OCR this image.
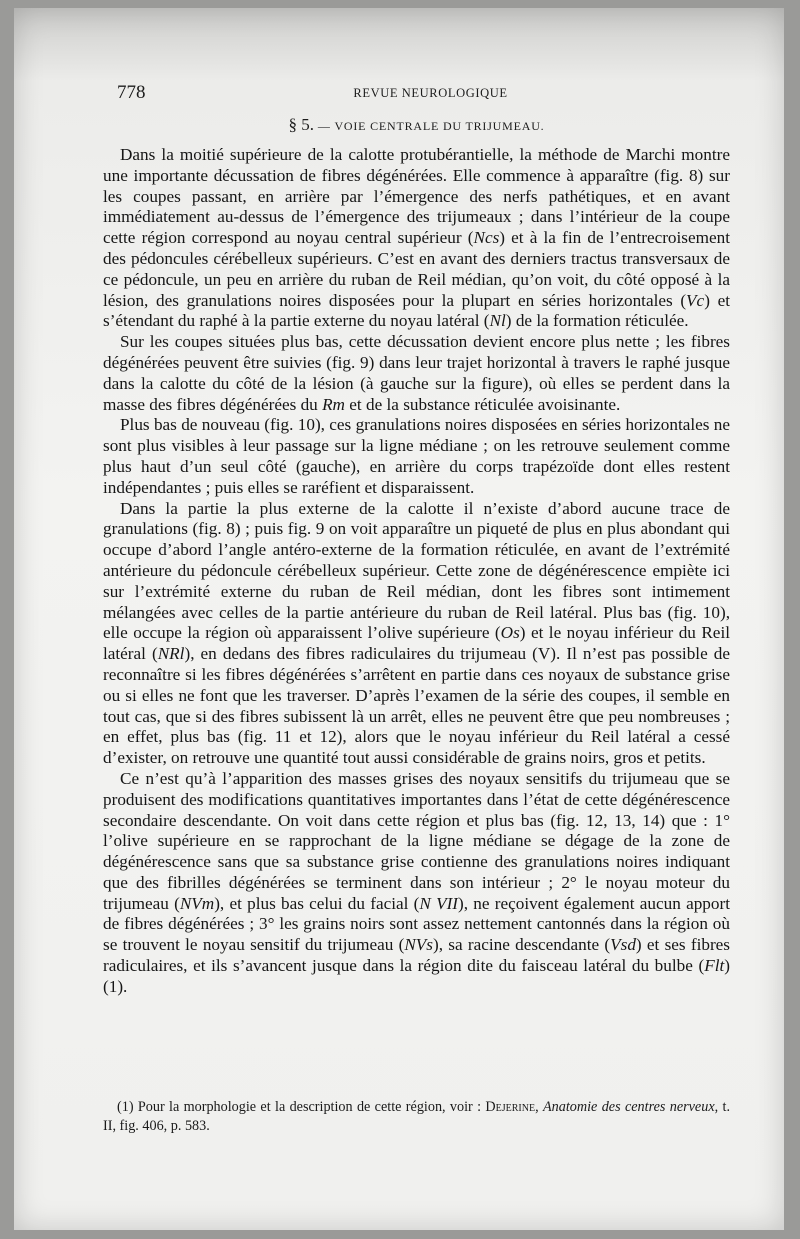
778	REVUE NEUROLOGIQUE
§ 5. — VOIE CENTRALE DU TRIJUMEAU.

Dans la moitié supérieure de la calotte protubérantielle, la méthode de Marchi montre une importante décussation de fibres dégénérées. Elle commence à apparaître (fig. 8) sur les coupes passant, en arrière par l’émergence des nerfs pathétiques, et en avant immédiatement au-dessus de l’émergence des trijumeaux ; dans l’intérieur de la coupe cette région correspond au noyau central supérieur (Ncs) et à la fin de l’entrecroisement des pédoncules cérébelleux supérieurs. C’est en avant des derniers tractus transversaux de ce pédoncule, un peu en arrière du ruban de Reil médian, qu’on voit, du côté opposé à la lésion, des granulations noires disposées pour la plupart en séries horizontales (Vc) et s’étendant du raphé à la partie externe du noyau latéral (Nl) de la formation réticulée.

Sur les coupes situées plus bas, cette décussation devient encore plus nette ; les fibres dégénérées peuvent être suivies (fig. 9) dans leur trajet horizontal à travers le raphé jusque dans la calotte du côté de la lésion (à gauche sur la figure), où elles se perdent dans la masse des fibres dégénérées du Rm et de la substance réticulée avoisinante.

Plus bas de nouveau (fig. 10), ces granulations noires disposées en séries horizontales ne sont plus visibles à leur passage sur la ligne médiane ; on les retrouve seulement comme plus haut d’un seul côté (gauche), en arrière du corps trapézoïde dont elles restent indépendantes ; puis elles se raréfient et disparaissent.

Dans la partie la plus externe de la calotte il n’existe d’abord aucune trace de granulations (fig. 8) ; puis fig. 9 on voit apparaître un piqueté de plus en plus abondant qui occupe d’abord l’angle antéro-externe de la formation réticulée, en avant de l’extrémité antérieure du pédoncule cérébelleux supérieur. Cette zone de dégénérescence empiète ici sur l’extrémité externe du ruban de Reil médian, dont les fibres sont intimement mélangées avec celles de la partie antérieure du ruban de Reil latéral. Plus bas (fig. 10), elle occupe la région où apparaissent l’olive supérieure (Os) et le noyau inférieur du Reil latéral (NRl), en dedans des fibres radiculaires du trijumeau (V). Il n’est pas possible de reconnaître si les fibres dégénérées s’arrêtent en partie dans ces noyaux de substance grise ou si elles ne font que les traverser. D’après l’examen de la série des coupes, il semble en tout cas, que si des fibres subissent là un arrêt, elles ne peuvent être que peu nombreuses ; en effet, plus bas (fig. 11 et 12), alors que le noyau inférieur du Reil latéral a cessé d’exister, on retrouve une quantité tout aussi considérable de grains noirs, gros et petits.

Ce n’est qu’à l’apparition des masses grises des noyaux sensitifs du trijumeau que se produisent des modifications quantitatives importantes dans l’état de cette dégénérescence secondaire descendante. On voit dans cette région et plus bas (fig. 12, 13, 14) que : 1° l’olive supérieure en se rapprochant de la ligne médiane se dégage de la zone de dégénérescence sans que sa substance grise contienne des granulations noires indiquant que des fibrilles dégénérées se terminent dans son intérieur ; 2° le noyau moteur du trijumeau (NVm), et plus bas celui du facial (N VII), ne reçoivent également aucun apport de fibres dégénérées ; 3° les grains noirs sont assez nettement cantonnés dans la région où se trouvent le noyau sensitif du trijumeau (NVs), sa racine descendante (Vsd) et ses fibres radiculaires, et ils s’avancent jusque dans la région dite du faisceau latéral du bulbe (Flt) (1).

(1) Pour la morphologie et la description de cette région, voir : Dejerine, Anatomie des centres nerveux, t. II, fig. 406, p. 583.
